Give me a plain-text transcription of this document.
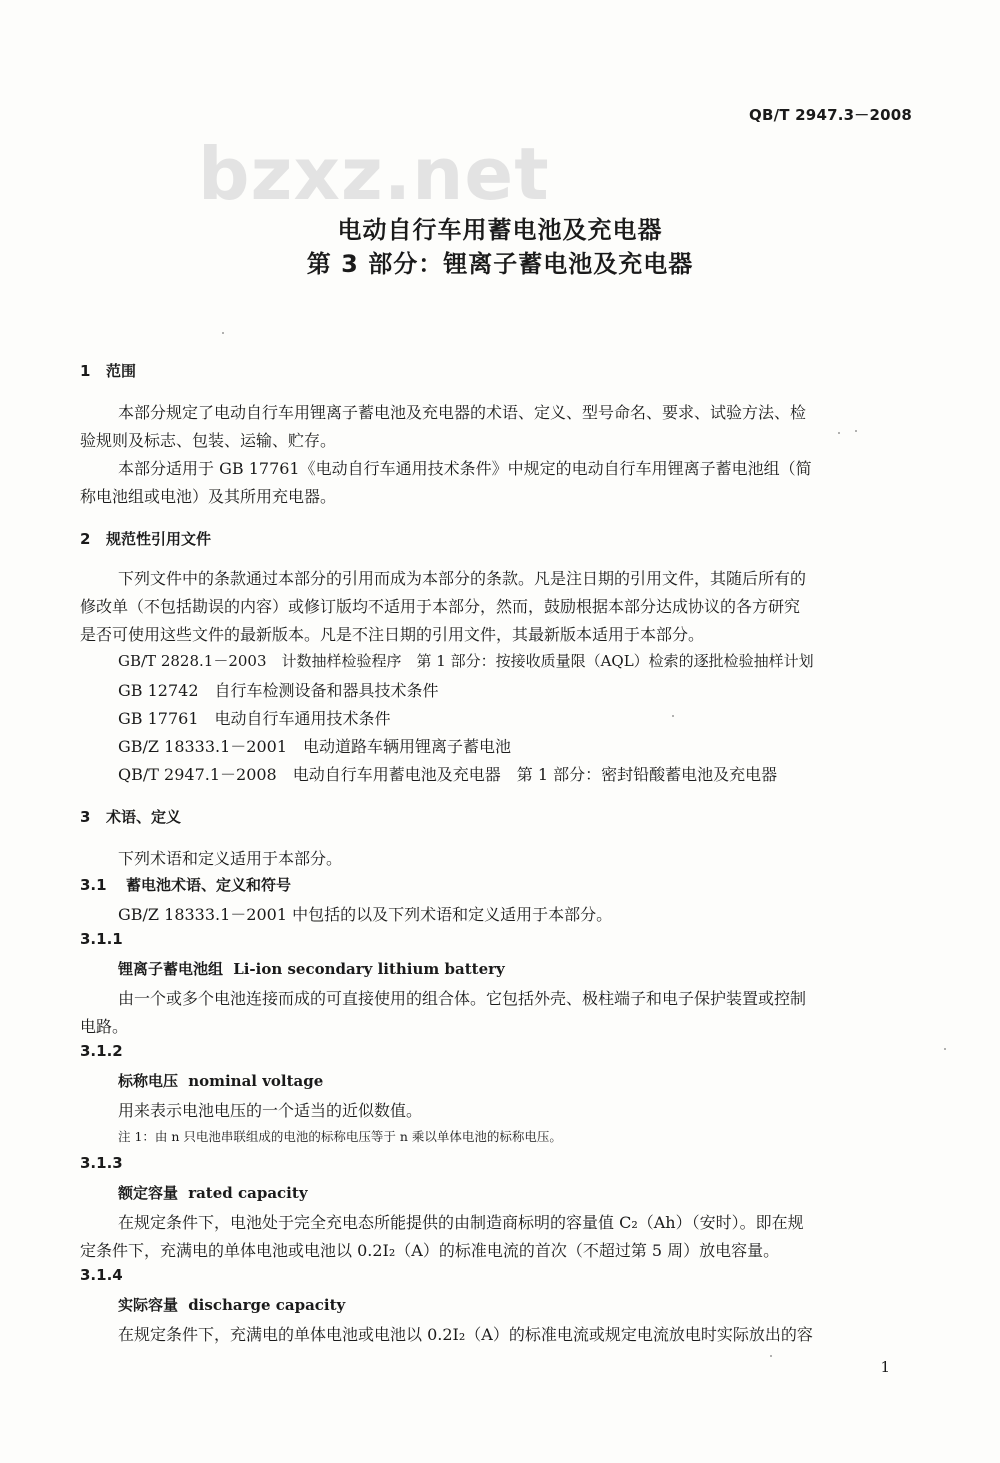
QB/T 2947.3－2008
bzxz.net
电动自行车用蓄电池及充电器
第 3 部分：锂离子蓄电池及充电器
1 范围
本部分规定了电动自行车用锂离子蓄电池及充电器的术语、定义、型号命名、要求、试验方法、检
验规则及标志、包装、运输、贮存。
本部分适用于 GB 17761《电动自行车通用技术条件》中规定的电动自行车用锂离子蓄电池组（简
称电池组或电池）及其所用充电器。
2 规范性引用文件
下列文件中的条款通过本部分的引用而成为本部分的条款。凡是注日期的引用文件，其随后所有的
修改单（不包括勘误的内容）或修订版均不适用于本部分，然而，鼓励根据本部分达成协议的各方研究
是否可使用这些文件的最新版本。凡是不注日期的引用文件，其最新版本适用于本部分。
GB/T 2828.1－2003　计数抽样检验程序　第 1 部分：按接收质量限（AQL）检索的逐批检验抽样计划
GB 12742　自行车检测设备和器具技术条件
GB 17761　电动自行车通用技术条件
GB/Z 18333.1－2001　电动道路车辆用锂离子蓄电池
QB/T 2947.1－2008　电动自行车用蓄电池及充电器　第 1 部分：密封铅酸蓄电池及充电器
3 术语、定义
下列术语和定义适用于本部分。
3.1 蓄电池术语、定义和符号
GB/Z 18333.1－2001 中包括的以及下列术语和定义适用于本部分。
3.1.1
锂离子蓄电池组 Li-ion secondary lithium battery
由一个或多个电池连接而成的可直接使用的组合体。它包括外壳、极柱端子和电子保护装置或控制
电路。
3.1.2
标称电压 nominal voltage
用来表示电池电压的一个适当的近似数值。
注 1：由 n 只电池串联组成的电池的标称电压等于 n 乘以单体电池的标称电压。
3.1.3
额定容量 rated capacity
在规定条件下，电池处于完全充电态所能提供的由制造商标明的容量值 C₂（Ah）（安时）。即在规
定条件下，充满电的单体电池或电池以 0.2I₂（A）的标准电流的首次（不超过第 5 周）放电容量。
3.1.4
实际容量 discharge capacity
在规定条件下，充满电的单体电池或电池以 0.2I₂（A）的标准电流或规定电流放电时实际放出的容
1
